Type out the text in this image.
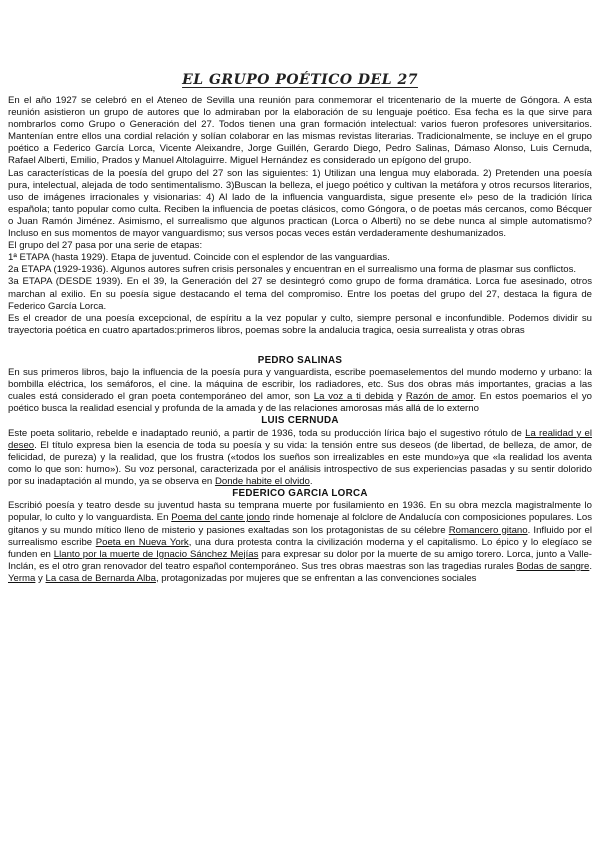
EL GRUPO POÉTICO DEL 27

En el año 1927 se celebró en el Ateneo de Sevilla una reunión para conmemorar el tricentenario de la muerte de Góngora. A esta reunión asistieron un grupo de autores que lo admiraban por la elaboración de su lenguaje poético. Esa fecha es la que sirve para nombrarlos como Grupo o Generación del 27. Todos tienen una gran formación intelectual: varios fueron profesores universitarios. Mantenían entre ellos una cordial relación y solían colaborar en las mismas revistas literarias. Tradicionalmente, se incluye en el grupo poético a Federico García Lorca, Vicente Aleixandre, Jorge Guillén, Gerardo Diego, Pedro Salinas, Dámaso Alonso, Luis Cernuda, Rafael Alberti, Emilio, Prados y Manuel Altolaguirre. Miguel Hernández es considerado un epígono del grupo.

Las características de la poesía del grupo del 27 son las siguientes: 1) Utilizan una lengua muy elaborada. 2) Pretenden una poesía pura, intelectual, alejada de todo sentimentalismo. 3)Buscan la belleza, el juego poético y cultivan la metáfora y otros recursos literarios, uso de imágenes irracionales y visionarias: 4) Al lado de la influencia vanguardista, sigue presente el» peso de la tradición lírica española; tanto popular como culta. Reciben la influencia de poetas clásicos, como Góngora, o de poetas más cercanos, como Bécquer o Juan Ramón Jiménez. Asimismo, el surrealismo que algunos practican (Lorca o Alberti) no se debe nunca al simple automatismo? Incluso en sus momentos de mayor vanguardismo; sus versos pocas veces están verdaderamente deshumanizados.

El grupo del 27 pasa por una serie de etapas:

1ª ETAPA (hasta 1929). Etapa de juventud. Coincide con el esplendor de las vanguardias.

2a ETAPA (1929-1936). Algunos autores sufren crisis personales y encuentran en el surrealismo una forma de plasmar sus conflictos.

3a ETAPA (DESDE 1939). En el 39, la Generación del 27 se desintegró como grupo de forma dramática. Lorca fue asesinado, otros marchan al exilio. En su poesía sigue destacando el tema del compromiso. Entre los poetas del grupo del 27, destaca la figura de Federico García Lorca.

Es el creador de una poesía excepcional, de espíritu a la vez popular y culto, siempre personal e inconfundible. Podemos dividir su trayectoria poética en cuatro apartados:primeros libros, poemas sobre la andalucia tragica, oesia surrealista y otras obras

PEDRO SALINAS

En sus primeros libros, bajo la influencia de la poesía pura y vanguardista, escribe poemaselementos del mundo moderno y urbano: la bombilla eléctrica, los semáforos, el cine. la máquina de escribir, los radiadores, etc. Sus dos obras más importantes, gracias a las cuales está considerado el gran poeta contemporáneo del amor, son La voz a ti debida y Razón de amor. En estos poemarios el yo poético busca la realidad esencial y profunda de la amada y de las relaciones amorosas más allá de lo externo

LUIS CERNUDA

Este poeta solitario, rebelde e inadaptado reunió, a partir de 1936, toda su producción lírica bajo el sugestivo rótulo de La realidad y el deseo. El título expresa bien la esencia de toda su poesía y su vida: la tensión entre sus deseos (de libertad, de belleza, de amor, de felicidad, de pureza) y la realidad, que los frustra («todos los sueños son irrealizables en este mundo»ya que «la realidad los aventa como lo que son: humo»). Su voz personal, caracterizada por el análisis introspectivo de sus experiencias pasadas y su sentir dolorido por su inadaptación al mundo, ya se observa en Donde habite el olvido.

FEDERICO GARCIA LORCA

Escribió poesía y teatro desde su juventud hasta su temprana muerte por fusilamiento en 1936. En su obra mezcla magistralmente lo popular, lo culto y lo vanguardista. En Poema del cante jondo rinde homenaje al folclore de Andalucía con composiciones populares. Los gitanos y su mundo mítico lleno de misterio y pasiones exaltadas son los protagonistas de su célebre Romancero gitano. Influido por el surrealismo escribe Poeta en Nueva York, una dura protesta contra la civilización moderna y el capitalismo. Lo épico y lo elegíaco se funden en Llanto por la muerte de Ignacio Sánchez Mejías para expresar su dolor por la muerte de su amigo torero. Lorca, junto a Valle-Inclán, es el otro gran renovador del teatro español contemporáneo. Sus tres obras maestras son las tragedias rurales Bodas de sangre. Yerma y La casa de Bernarda Alba, protagonizadas por mujeres que se enfrentan a las convenciones sociales
